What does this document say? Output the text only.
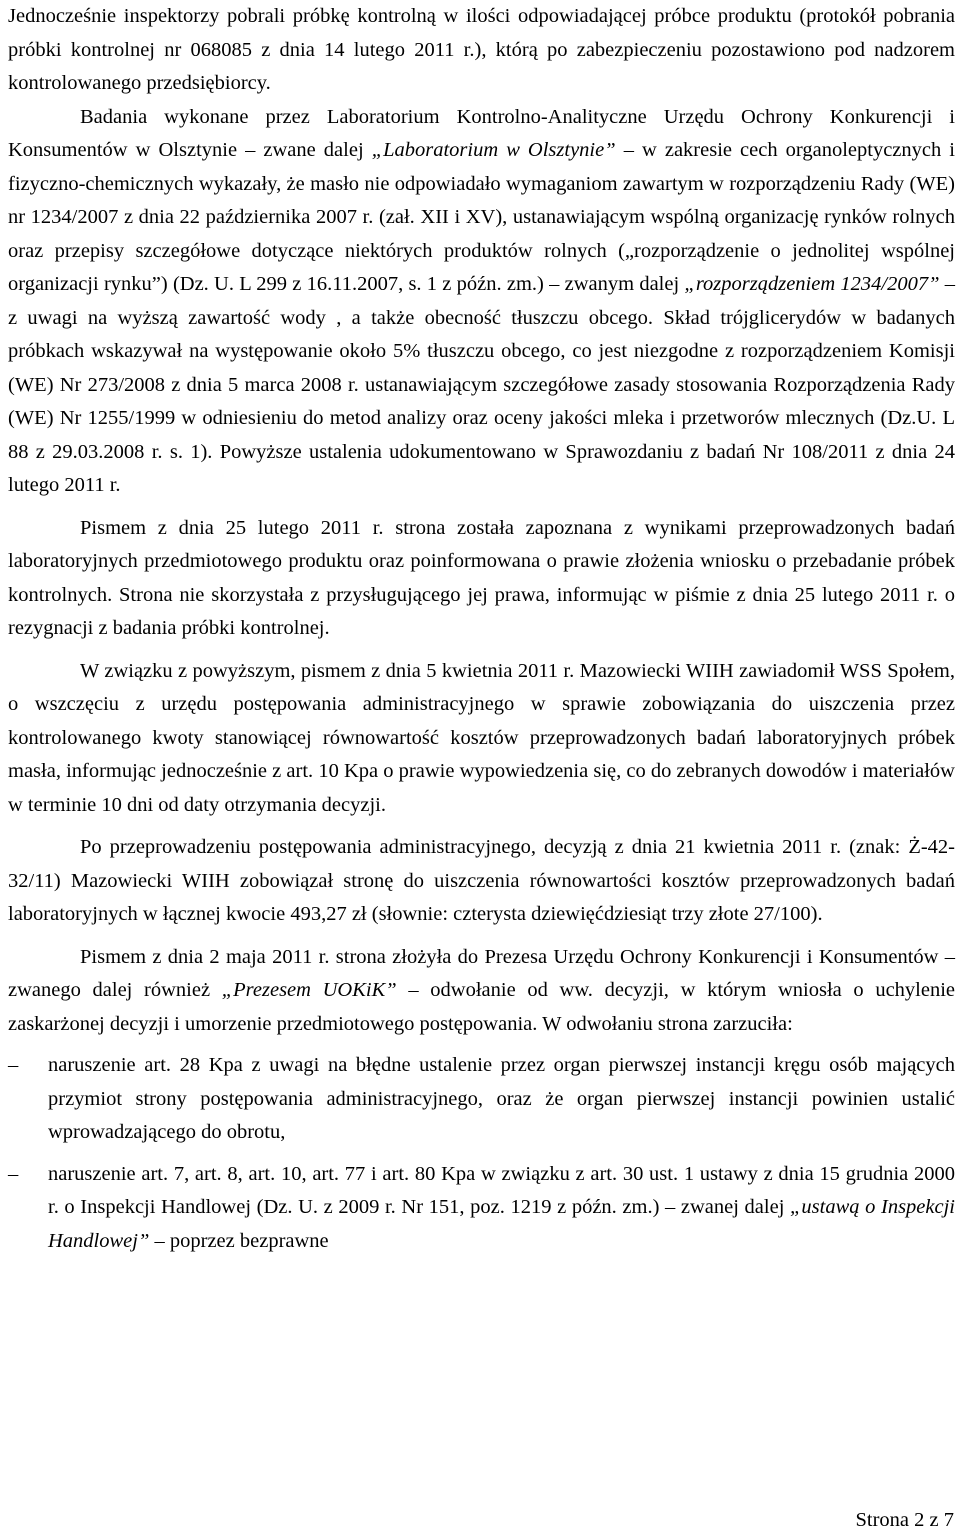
Jednocześnie inspektorzy pobrali próbkę kontrolną w ilości odpowiadającej próbce produktu (protokół pobrania próbki kontrolnej nr 068085 z dnia 14 lutego 2011 r.), którą po zabezpieczeniu pozostawiono pod nadzorem kontrolowanego przedsiębiorcy.

Badania wykonane przez Laboratorium Kontrolno-Analityczne Urzędu Ochrony Konkurencji i Konsumentów w Olsztynie – zwane dalej „Laboratorium w Olsztynie” – w zakresie cech organoleptycznych i fizyczno-chemicznych wykazały, że masło nie odpowiadało wymaganiom zawartym w rozporządzeniu Rady (WE) nr 1234/2007 z dnia 22 października 2007 r. (zał. XII i XV), ustanawiającym wspólną organizację rynków rolnych oraz przepisy szczegółowe dotyczące niektórych produktów rolnych („rozporządzenie o jednolitej wspólnej organizacji rynku”) (Dz. U. L 299 z 16.11.2007, s. 1 z późn. zm.) – zwanym dalej „rozporządzeniem 1234/2007” – z uwagi na wyższą zawartość wody , a także obecność tłuszczu obcego. Skład trójglicerydów w badanych próbkach wskazywał na występowanie około 5% tłuszczu obcego, co jest niezgodne z rozporządzeniem Komisji (WE) Nr 273/2008 z dnia 5 marca 2008 r. ustanawiającym szczegółowe zasady stosowania Rozporządzenia Rady (WE) Nr 1255/1999 w odniesieniu do metod analizy oraz oceny jakości mleka i przetworów mlecznych (Dz.U. L 88 z 29.03.2008 r. s. 1). Powyższe ustalenia udokumentowano w Sprawozdaniu z badań Nr 108/2011 z dnia 24 lutego 2011 r.

Pismem z dnia 25 lutego 2011 r. strona została zapoznana z wynikami przeprowadzonych badań laboratoryjnych przedmiotowego produktu oraz poinformowana o prawie złożenia wniosku o przebadanie próbek kontrolnych. Strona nie skorzystała z przysługującego jej prawa, informując w piśmie z dnia 25 lutego 2011 r. o rezygnacji z badania próbki kontrolnej.

W związku z powyższym, pismem z dnia 5 kwietnia 2011 r. Mazowiecki WIIH zawiadomił WSS Społem, o wszczęciu z urzędu postępowania administracyjnego w sprawie zobowiązania do uiszczenia przez kontrolowanego kwoty stanowiącej równowartość kosztów przeprowadzonych badań laboratoryjnych próbek masła, informując jednocześnie z art. 10 Kpa o prawie wypowiedzenia się, co do zebranych dowodów i materiałów w terminie 10 dni od daty otrzymania decyzji.

Po przeprowadzeniu postępowania administracyjnego, decyzją z dnia 21 kwietnia 2011 r. (znak: Ż-42-32/11) Mazowiecki WIIH zobowiązał stronę do uiszczenia równowartości kosztów przeprowadzonych badań laboratoryjnych w łącznej kwocie 493,27 zł (słownie: czterysta dziewięćdziesiąt trzy złote 27/100).

Pismem z dnia 2 maja 2011 r. strona złożyła do Prezesa Urzędu Ochrony Konkurencji i Konsumentów – zwanego dalej również „Prezesem UOKiK” – odwołanie od ww. decyzji, w którym wniosła o uchylenie zaskarżonej decyzji i umorzenie przedmiotowego postępowania. W odwołaniu strona zarzuciła:

– naruszenie art. 28 Kpa z uwagi na błędne ustalenie przez organ pierwszej instancji kręgu osób mających przymiot strony postępowania administracyjnego, oraz że organ pierwszej instancji powinien ustalić wprowadzającego do obrotu,
– naruszenie art. 7, art. 8, art. 10, art. 77 i art. 80 Kpa w związku z art. 30 ust. 1 ustawy z dnia 15 grudnia 2000 r. o Inspekcji Handlowej (Dz. U. z 2009 r. Nr 151, poz. 1219 z późn. zm.) – zwanej dalej „ustawą o Inspekcji Handlowej” – poprzez bezprawne
Strona 2 z 7
